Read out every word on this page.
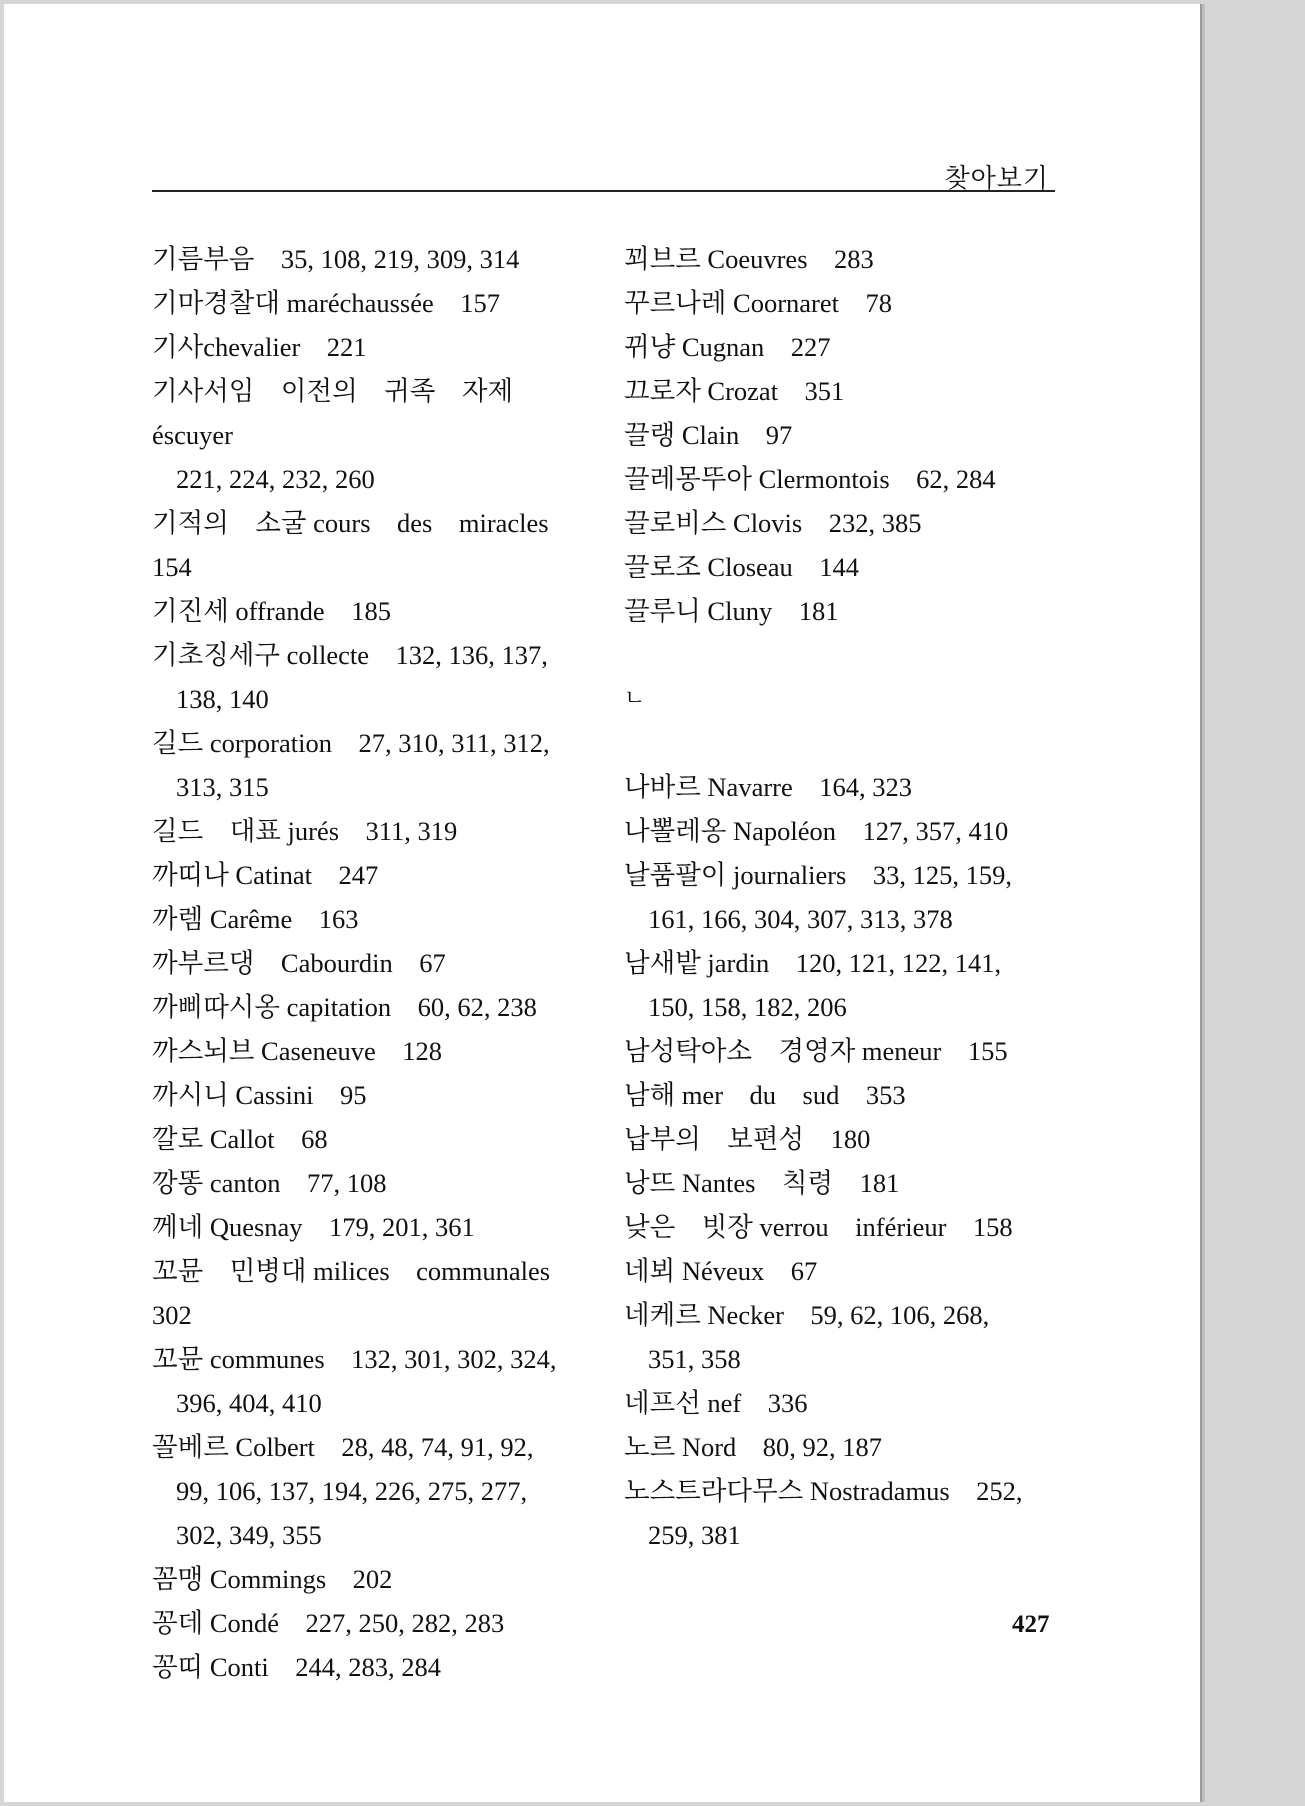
찾아보기
기름부음　35, 108, 219, 309, 314
기마경찰대 maréchaussée　157
기사chevalier　221
기사서임　이전의　귀족　자제 éscuyer
221, 224, 232, 260
기적의　소굴 cours　des　miracles　154
기진세 offrande　185
기초징세구 collecte　132, 136, 137,
138, 140
길드 corporation　27, 310, 311, 312,
313, 315
길드　대표 jurés　311, 319
까띠나 Catinat　247
까렘 Carême　163
까부르댕　Cabourdin　67
까삐따시옹 capitation　60, 62, 238
까스뇌브 Caseneuve　128
까시니 Cassini　95
깔로 Callot　68
깡똥 canton　77, 108
께네 Quesnay　179, 201, 361
꼬뮨　민병대 milices　communales 302
꼬뮨 communes　132, 301, 302, 324,
396, 404, 410
꼴베르 Colbert　28, 48, 74, 91, 92,
99, 106, 137, 194, 226, 275, 277,
302, 349, 355
꼼맹 Commings　202
꽁데 Condé　227, 250, 282, 283
꽁띠 Conti　244, 283, 284
꾀브르 Coeuvres　283
꾸르나레 Coornaret　78
뀌냥 Cugnan　227
끄로자 Crozat　351
끌랭 Clain　97
끌레몽뚜아 Clermontois　62, 284
끌로비스 Clovis　232, 385
끌로조 Closeau　144
끌루니 Cluny　181
ㄴ
나바르 Navarre　164, 323
나뽈레옹 Napoléon　127, 357, 410
날품팔이 journaliers　33, 125, 159,
161, 166, 304, 307, 313, 378
남새밭 jardin　120, 121, 122, 141,
150, 158, 182, 206
남성탁아소　경영자 meneur　155
남해 mer　du　sud　353
납부의　보편성　180
낭뜨 Nantes　칙령　181
낮은　빗장 verrou　inférieur　158
네뵈 Néveux　67
네케르 Necker　59, 62, 106, 268,
351, 358
네프선 nef　336
노르 Nord　80, 92, 187
노스트라다무스 Nostradamus　252,
259, 381
427
